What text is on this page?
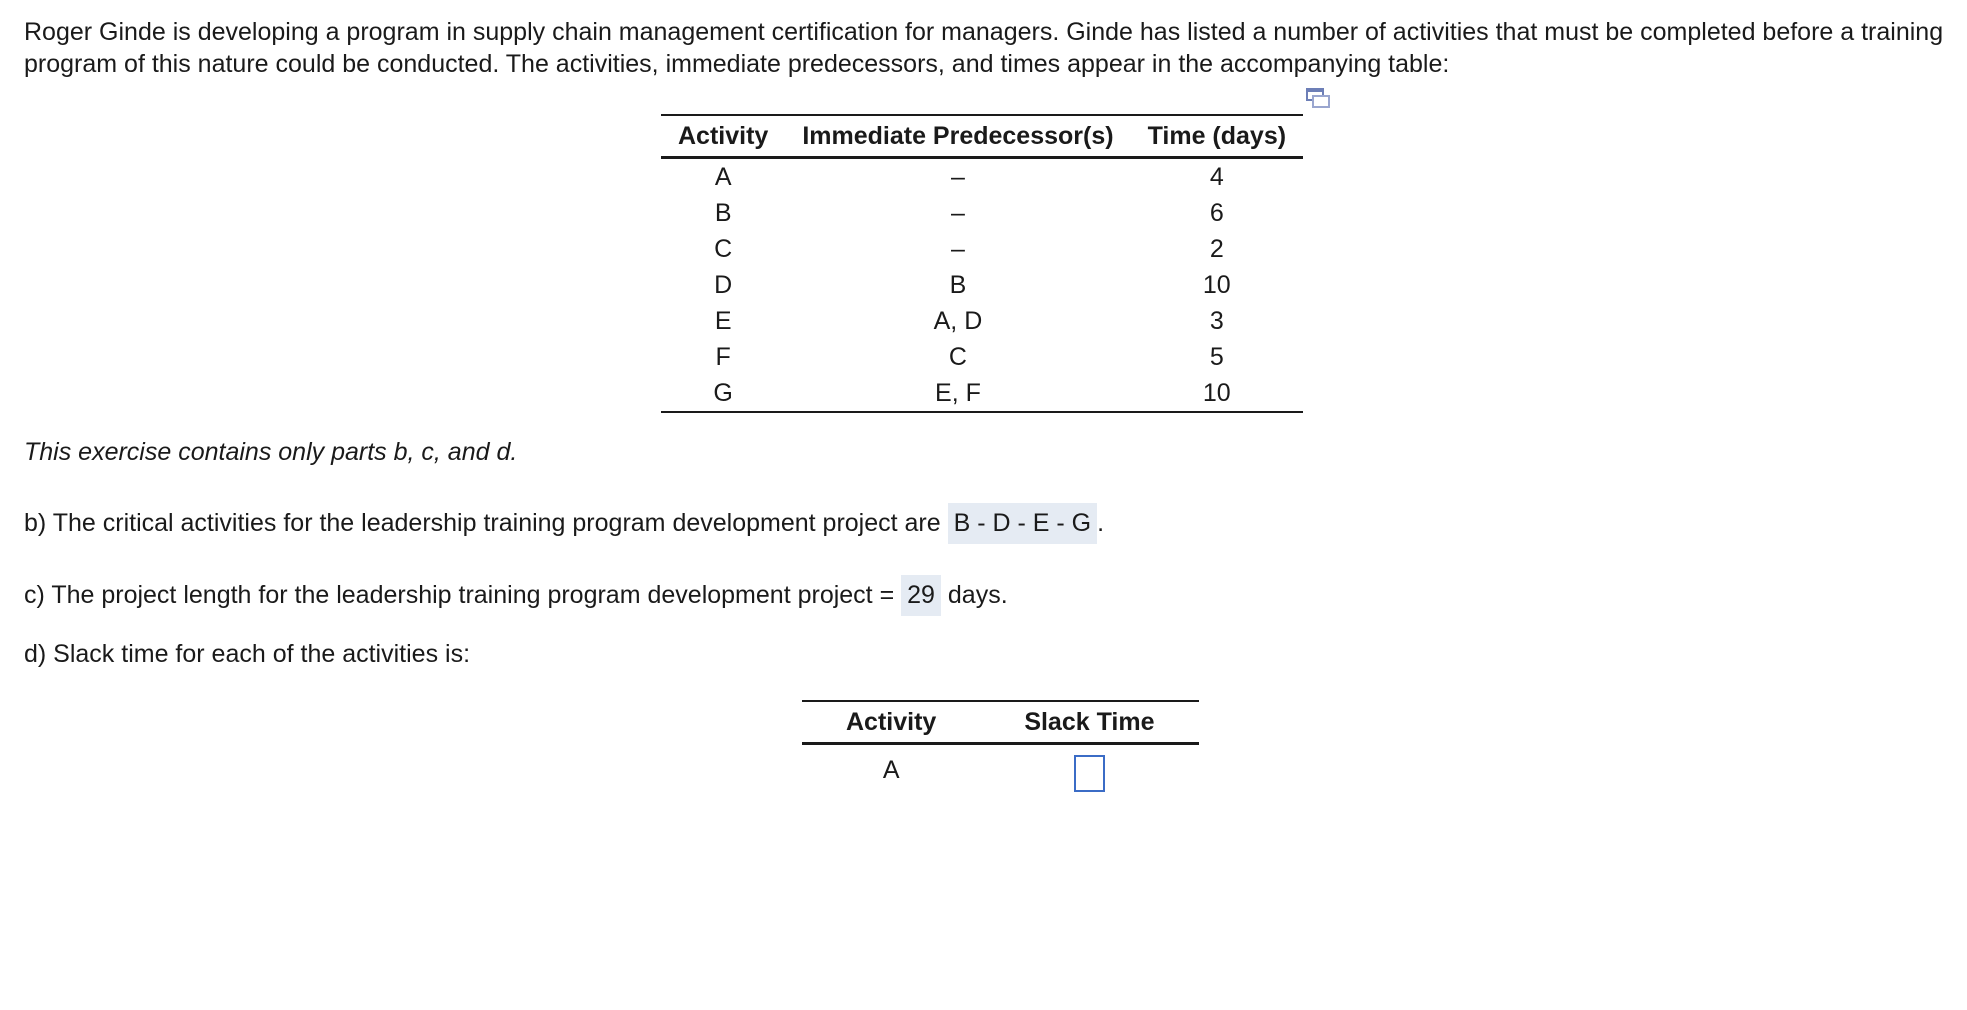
Roger Ginde is developing a program in supply chain management certification for managers. Ginde has listed a number of activities that must be completed before a training program of this nature could be conducted. The activities, immediate predecessors, and times appear in the accompanying table:

Activity	Immediate Predecessor(s)	Time (days)
A	–	4
B	–	6
C	–	2
D	B	10
E	A, D	3
F	C	5
G	E, F	10

This exercise contains only parts b, c, and d.

b) The critical activities for the leadership training program development project are B - D - E - G .

c) The project length for the leadership training program development project = 29 days.

d) Slack time for each of the activities is:

Activity	Slack Time
A	
